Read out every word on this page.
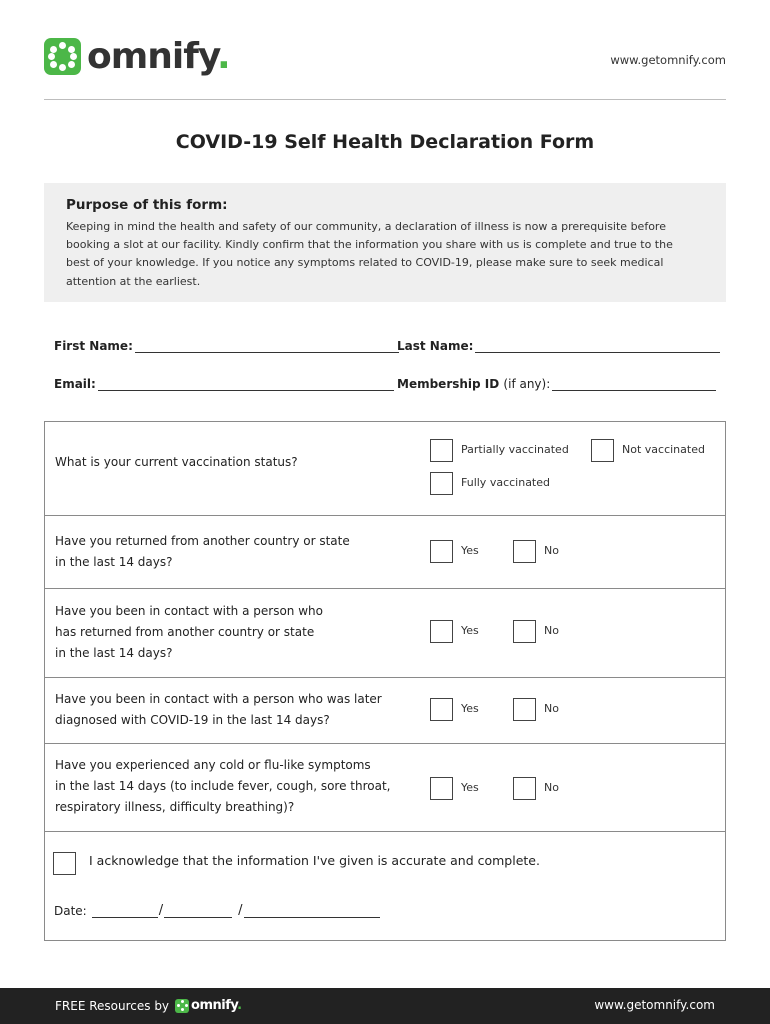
omnify.	www.getomnify.com
COVID-19 Self Health Declaration Form
Purpose of this form:
Keeping in mind the health and safety of our community, a declaration of illness is now a prerequisite before
booking a slot at our facility. Kindly confirm that the information you share with us is complete and true to the
best of your knowledge. If you notice any symptoms related to COVID-19, please make sure to seek medical
attention at the earliest.
First Name:	Last Name:
Email:	Membership ID (if any):
What is your current vaccination status?
Partially vaccinated	Not vaccinated
Fully vaccinated
Have you returned from another country or state
in the last 14 days?
Yes	No
Have you been in contact with a person who
has returned from another country or state
in the last 14 days?
Yes	No
Have you been in contact with a person who was later
diagnosed with COVID-19 in the last 14 days?
Yes	No
Have you experienced any cold or flu-like symptoms
in the last 14 days (to include fever, cough, sore throat,
respiratory illness, difficulty breathing)?
Yes	No
I acknowledge that the information I've given is accurate and complete.
Date:	/	/
FREE Resources by omnify.	www.getomnify.com
